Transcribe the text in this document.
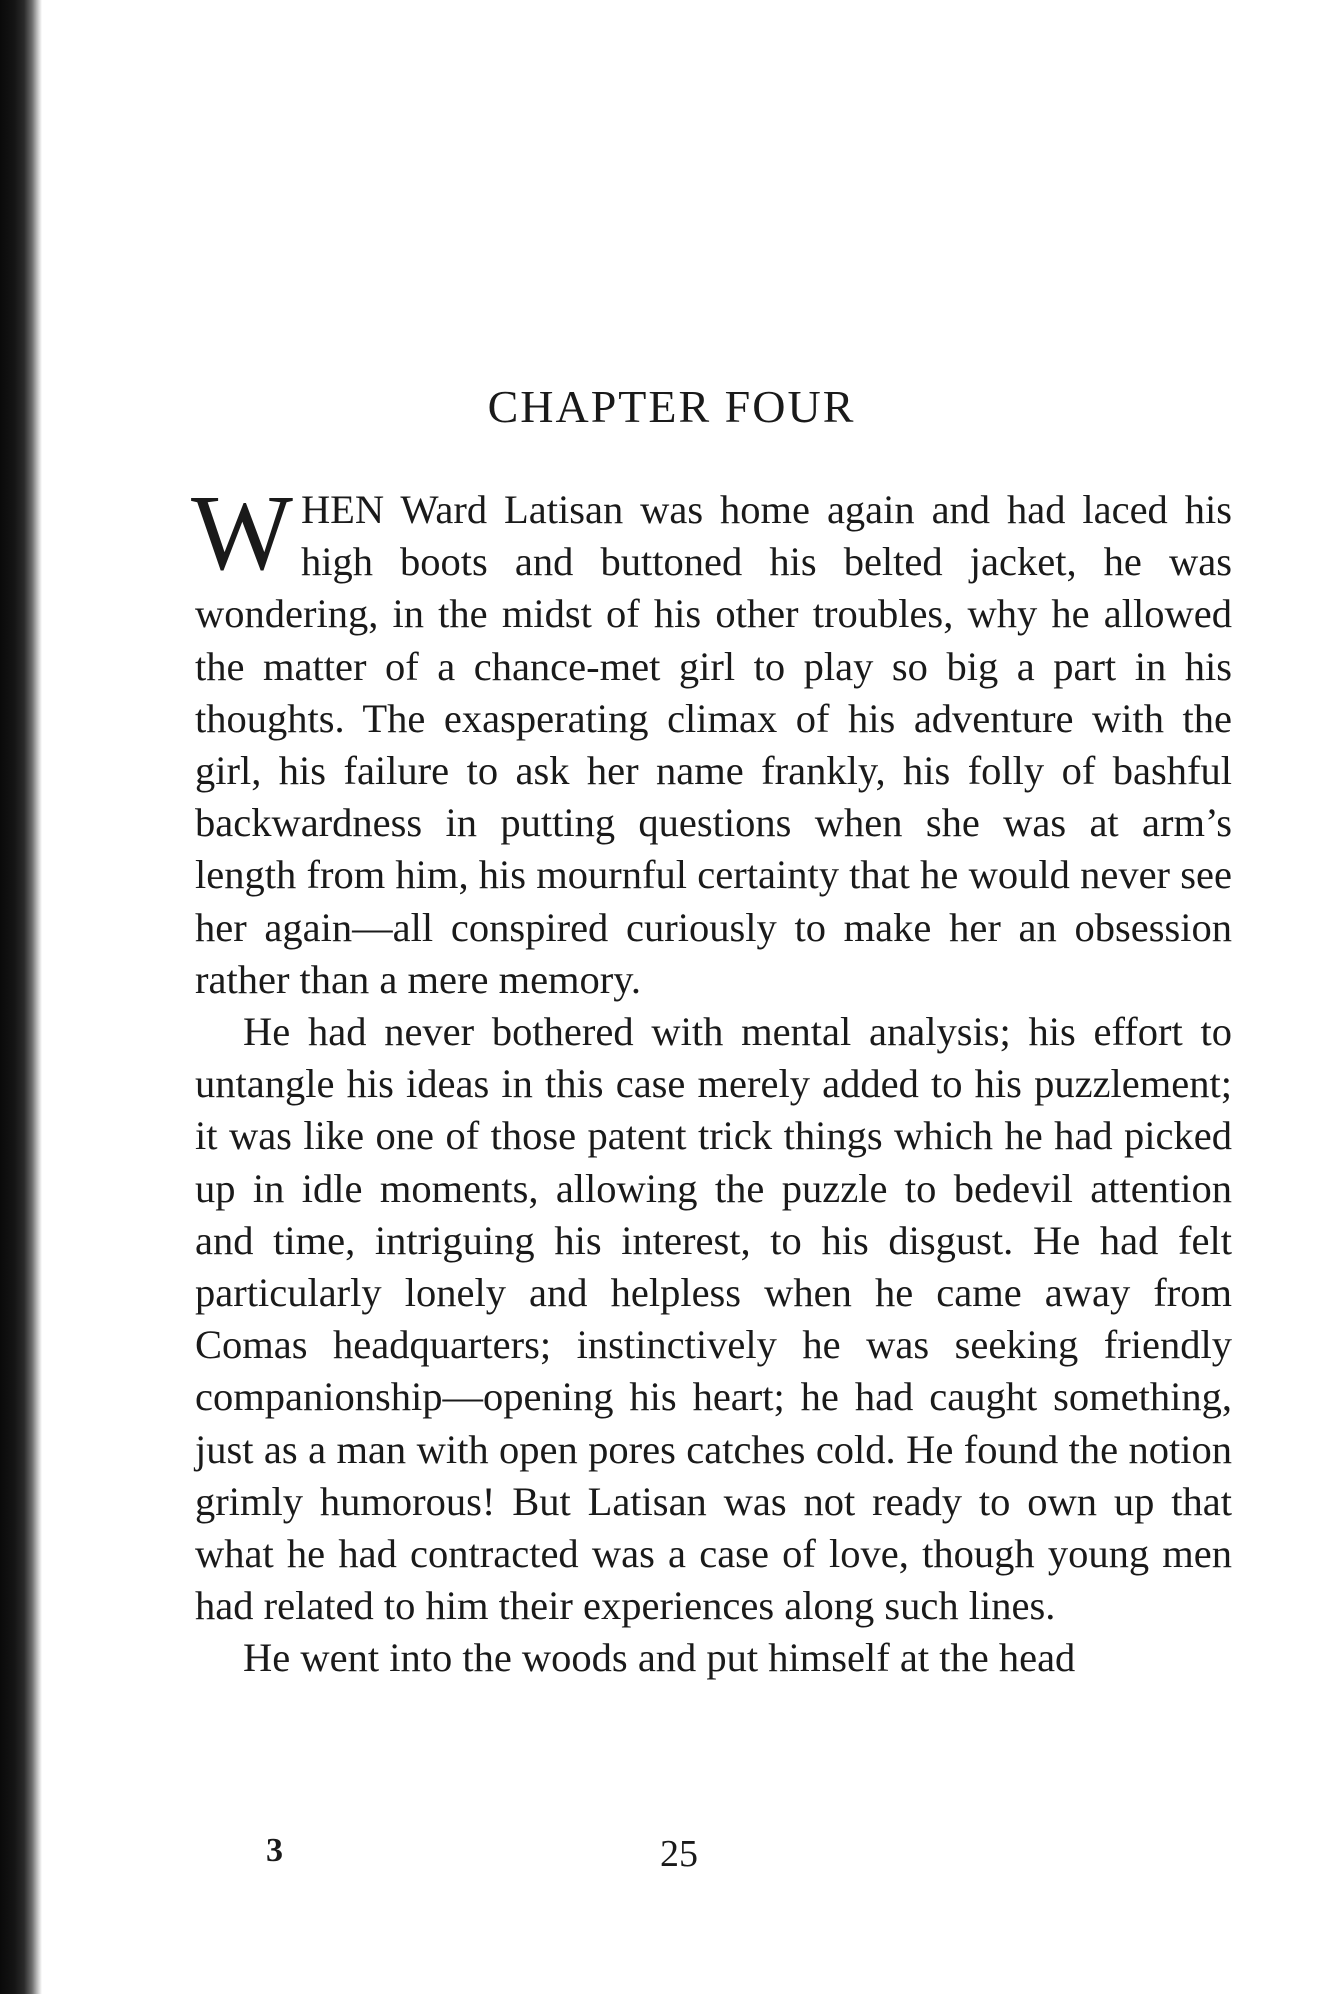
CHAPTER FOUR

WHEN Ward Latisan was home again and had laced his high boots and buttoned his belted jacket, he was wondering, in the midst of his other troubles, why he allowed the matter of a chance-met girl to play so big a part in his thoughts. The exasperating climax of his adventure with the girl, his failure to ask her name frankly, his folly of bashful backwardness in putting questions when she was at arm’s length from him, his mournful certainty that he would never see her again—all conspired curiously to make her an obsession rather than a mere memory.

He had never bothered with mental analysis; his effort to untangle his ideas in this case merely added to his puzzlement; it was like one of those patent trick things which he had picked up in idle moments, allowing the puzzle to bedevil attention and time, intriguing his interest, to his disgust. He had felt particularly lonely and helpless when he came away from Comas headquarters; instinctively he was seeking friendly companionship—opening his heart; he had caught something, just as a man with open pores catches cold. He found the notion grimly humorous! But Latisan was not ready to own up that what he had contracted was a case of love, though young men had related to him their experiences along such lines.

He went into the woods and put himself at the head

3	25
